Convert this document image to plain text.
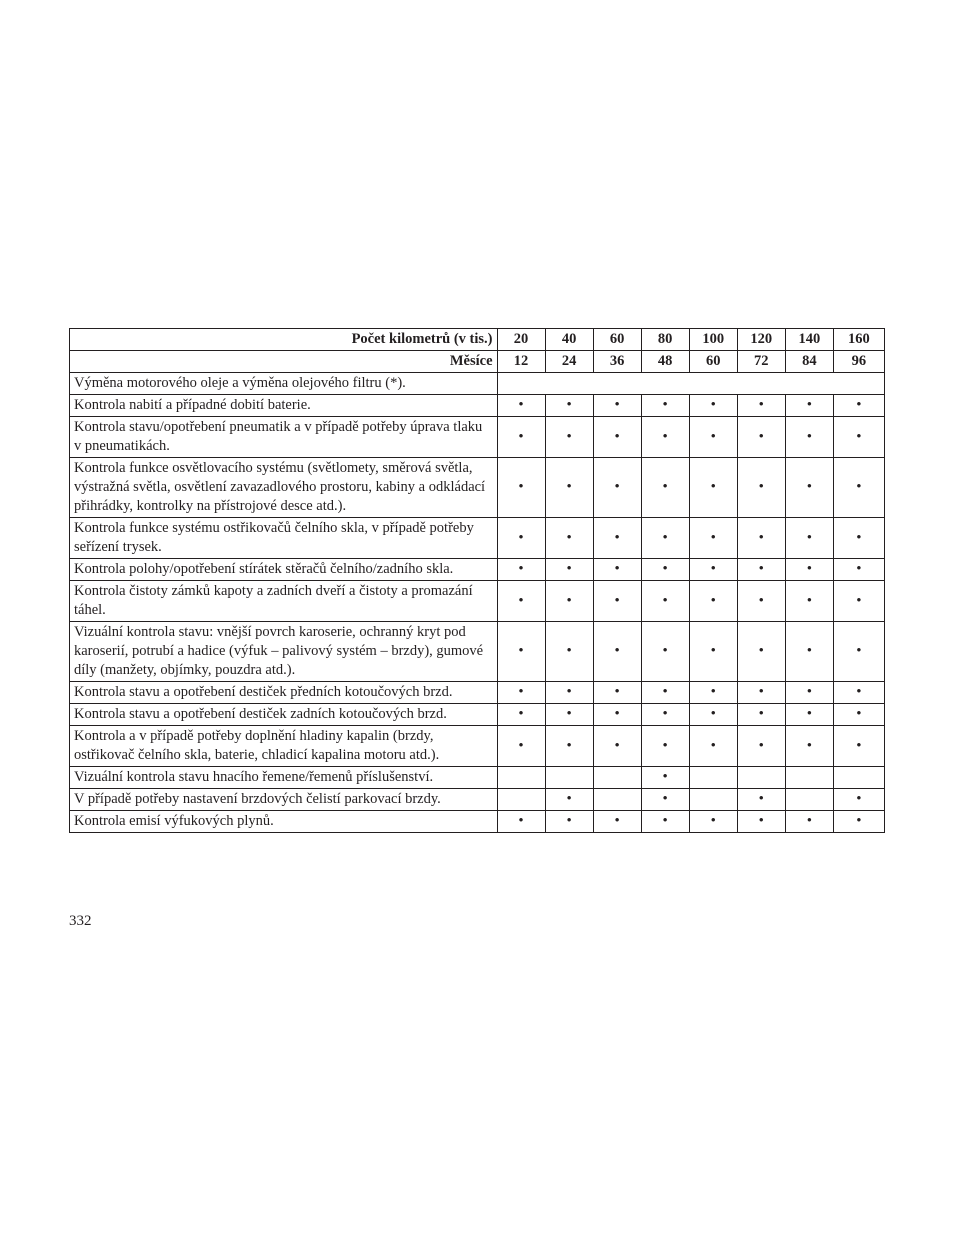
Počet kilometrů (v tis.)	20	40	60	80	100	120	140	160
Měsíce	12	24	36	48	60	72	84	96
Výměna motorového oleje a výměna olejového filtru (*).								
Kontrola nabití a případné dobití baterie.	•	•	•	•	•	•	•	•
Kontrola stavu/opotřebení pneumatik a v případě potřeby úprava tlaku v pneumatikách.	•	•	•	•	•	•	•	•
Kontrola funkce osvětlovacího systému (světlomety, směrová světla, výstražná světla, osvětlení zavazadlového prostoru, kabiny a odkládací přihrádky, kontrolky na přístrojové desce atd.).	•	•	•	•	•	•	•	•
Kontrola funkce systému ostřikovačů čelního skla, v případě potřeby seřízení trysek.	•	•	•	•	•	•	•	•
Kontrola polohy/opotřebení stírátek stěračů čelního/zadního skla.	•	•	•	•	•	•	•	•
Kontrola čistoty zámků kapoty a zadních dveří a čistoty a promazání táhel.	•	•	•	•	•	•	•	•
Vizuální kontrola stavu: vnější povrch karoserie, ochranný kryt pod karoserií, potrubí a hadice (výfuk – palivový systém – brzdy), gumové díly (manžety, objímky, pouzdra atd.).	•	•	•	•	•	•	•	•
Kontrola stavu a opotřebení destiček předních kotoučových brzd.	•	•	•	•	•	•	•	•
Kontrola stavu a opotřebení destiček zadních kotoučových brzd.	•	•	•	•	•	•	•	•
Kontrola a v případě potřeby doplnění hladiny kapalin (brzdy, ostřikovač čelního skla, baterie, chladicí kapalina motoru atd.).	•	•	•	•	•	•	•	•
Vizuální kontrola stavu hnacího řemene/řemenů příslušenství.				•				
V případě potřeby nastavení brzdových čelistí parkovací brzdy.		•		•		•		•
Kontrola emisí výfukových plynů.	•	•	•	•	•	•	•	•
332
